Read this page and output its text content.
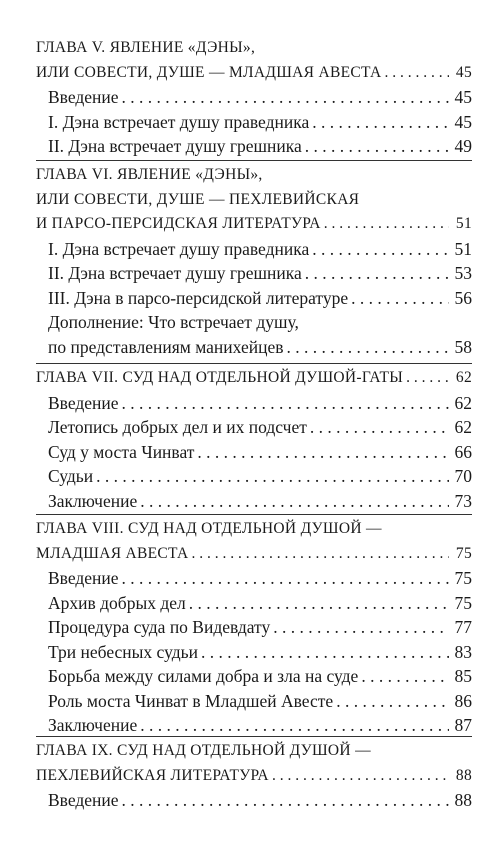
ГЛАВА V. ЯВЛЕНИЕ «ДЭНЫ»,
ИЛИ СОВЕСТИ, ДУШЕ — МЛАДШАЯ АВЕСТА . . .	45
Введение . . .	45
I. Дэна встречает душу праведника . . .	45
II. Дэна встречает душу грешника . . .	49
ГЛАВА VI. ЯВЛЕНИЕ «ДЭНЫ»,
ИЛИ СОВЕСТИ, ДУШЕ — ПЕХЛЕВИЙСКАЯ
И ПАРСО-ПЕРСИДСКАЯ ЛИТЕРАТУРА . . .	51
I. Дэна встречает душу праведника . . .	51
II. Дэна встречает душу грешника . . .	53
III. Дэна в парсо-персидской литературе . . .	56
Дополнение: Что встречает душу,
по представлениям манихейцев . . .	58
ГЛАВА VII. СУД НАД ОТДЕЛЬНОЙ ДУШОЙ-ГАТЫ . . .	62
Введение . . .	62
Летопись добрых дел и их подсчет . . .	62
Суд у моста Чинват . . .	66
Судьи . . .	70
Заключение . . .	73
ГЛАВА VIII. СУД НАД ОТДЕЛЬНОЙ ДУШОЙ —
МЛАДШАЯ АВЕСТА . . .	75
Введение . . .	75
Архив добрых дел . . .	75
Процедура суда по Видевдату . . .	77
Три небесных судьи . . .	83
Борьба между силами добра и зла на суде . . .	85
Роль моста Чинват в Младшей Авесте . . .	86
Заключение . . .	87
ГЛАВА IX. СУД НАД ОТДЕЛЬНОЙ ДУШОЙ —
ПЕХЛЕВИЙСКАЯ ЛИТЕРАТУРА . . .	88
Введение . . .	88
